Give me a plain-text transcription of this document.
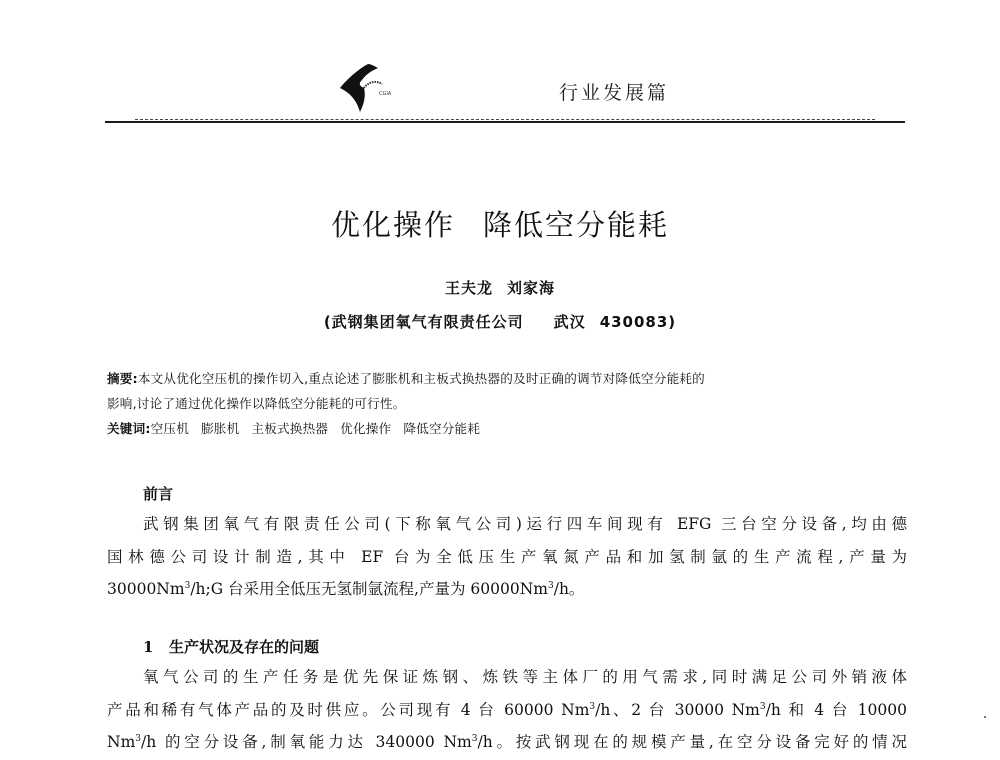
CGIA	行业发展篇
优化操作 降低空分能耗
王夫龙 刘家海
(武钢集团氧气有限责任公司 武汉 430083)
摘要:本文从优化空压机的操作切入,重点论述了膨胀机和主板式换热器的及时正确的调节对降低空分能耗的
影响,讨论了通过优化操作以降低空分能耗的可行性。
关键词:空压机 膨胀机 主板式换热器 优化操作 降低空分能耗
前言
武钢集团氧气有限责任公司(下称氧气公司)运行四车间现有 EFG 三台空分设备,均由德
国林德公司设计制造,其中 EF 台为全低压生产氧氮产品和加氢制氩的生产流程,产量为
30000Nm$^3$/h;G 台采用全低压无氢制氩流程,产量为 60000Nm$^3$/h。
1 生产状况及存在的问题
氧气公司的生产任务是优先保证炼钢、炼铁等主体厂的用气需求,同时满足公司外销液体
产品和稀有气体产品的及时供应。公司现有 4 台 60000 Nm$^3$/h、2 台 30000 Nm$^3$/h 和 4 台 10000
Nm$^3$/h 的空分设备,制氧能力达 340000 Nm$^3$/h。按武钢现在的规模产量,在空分设备完好的情况
